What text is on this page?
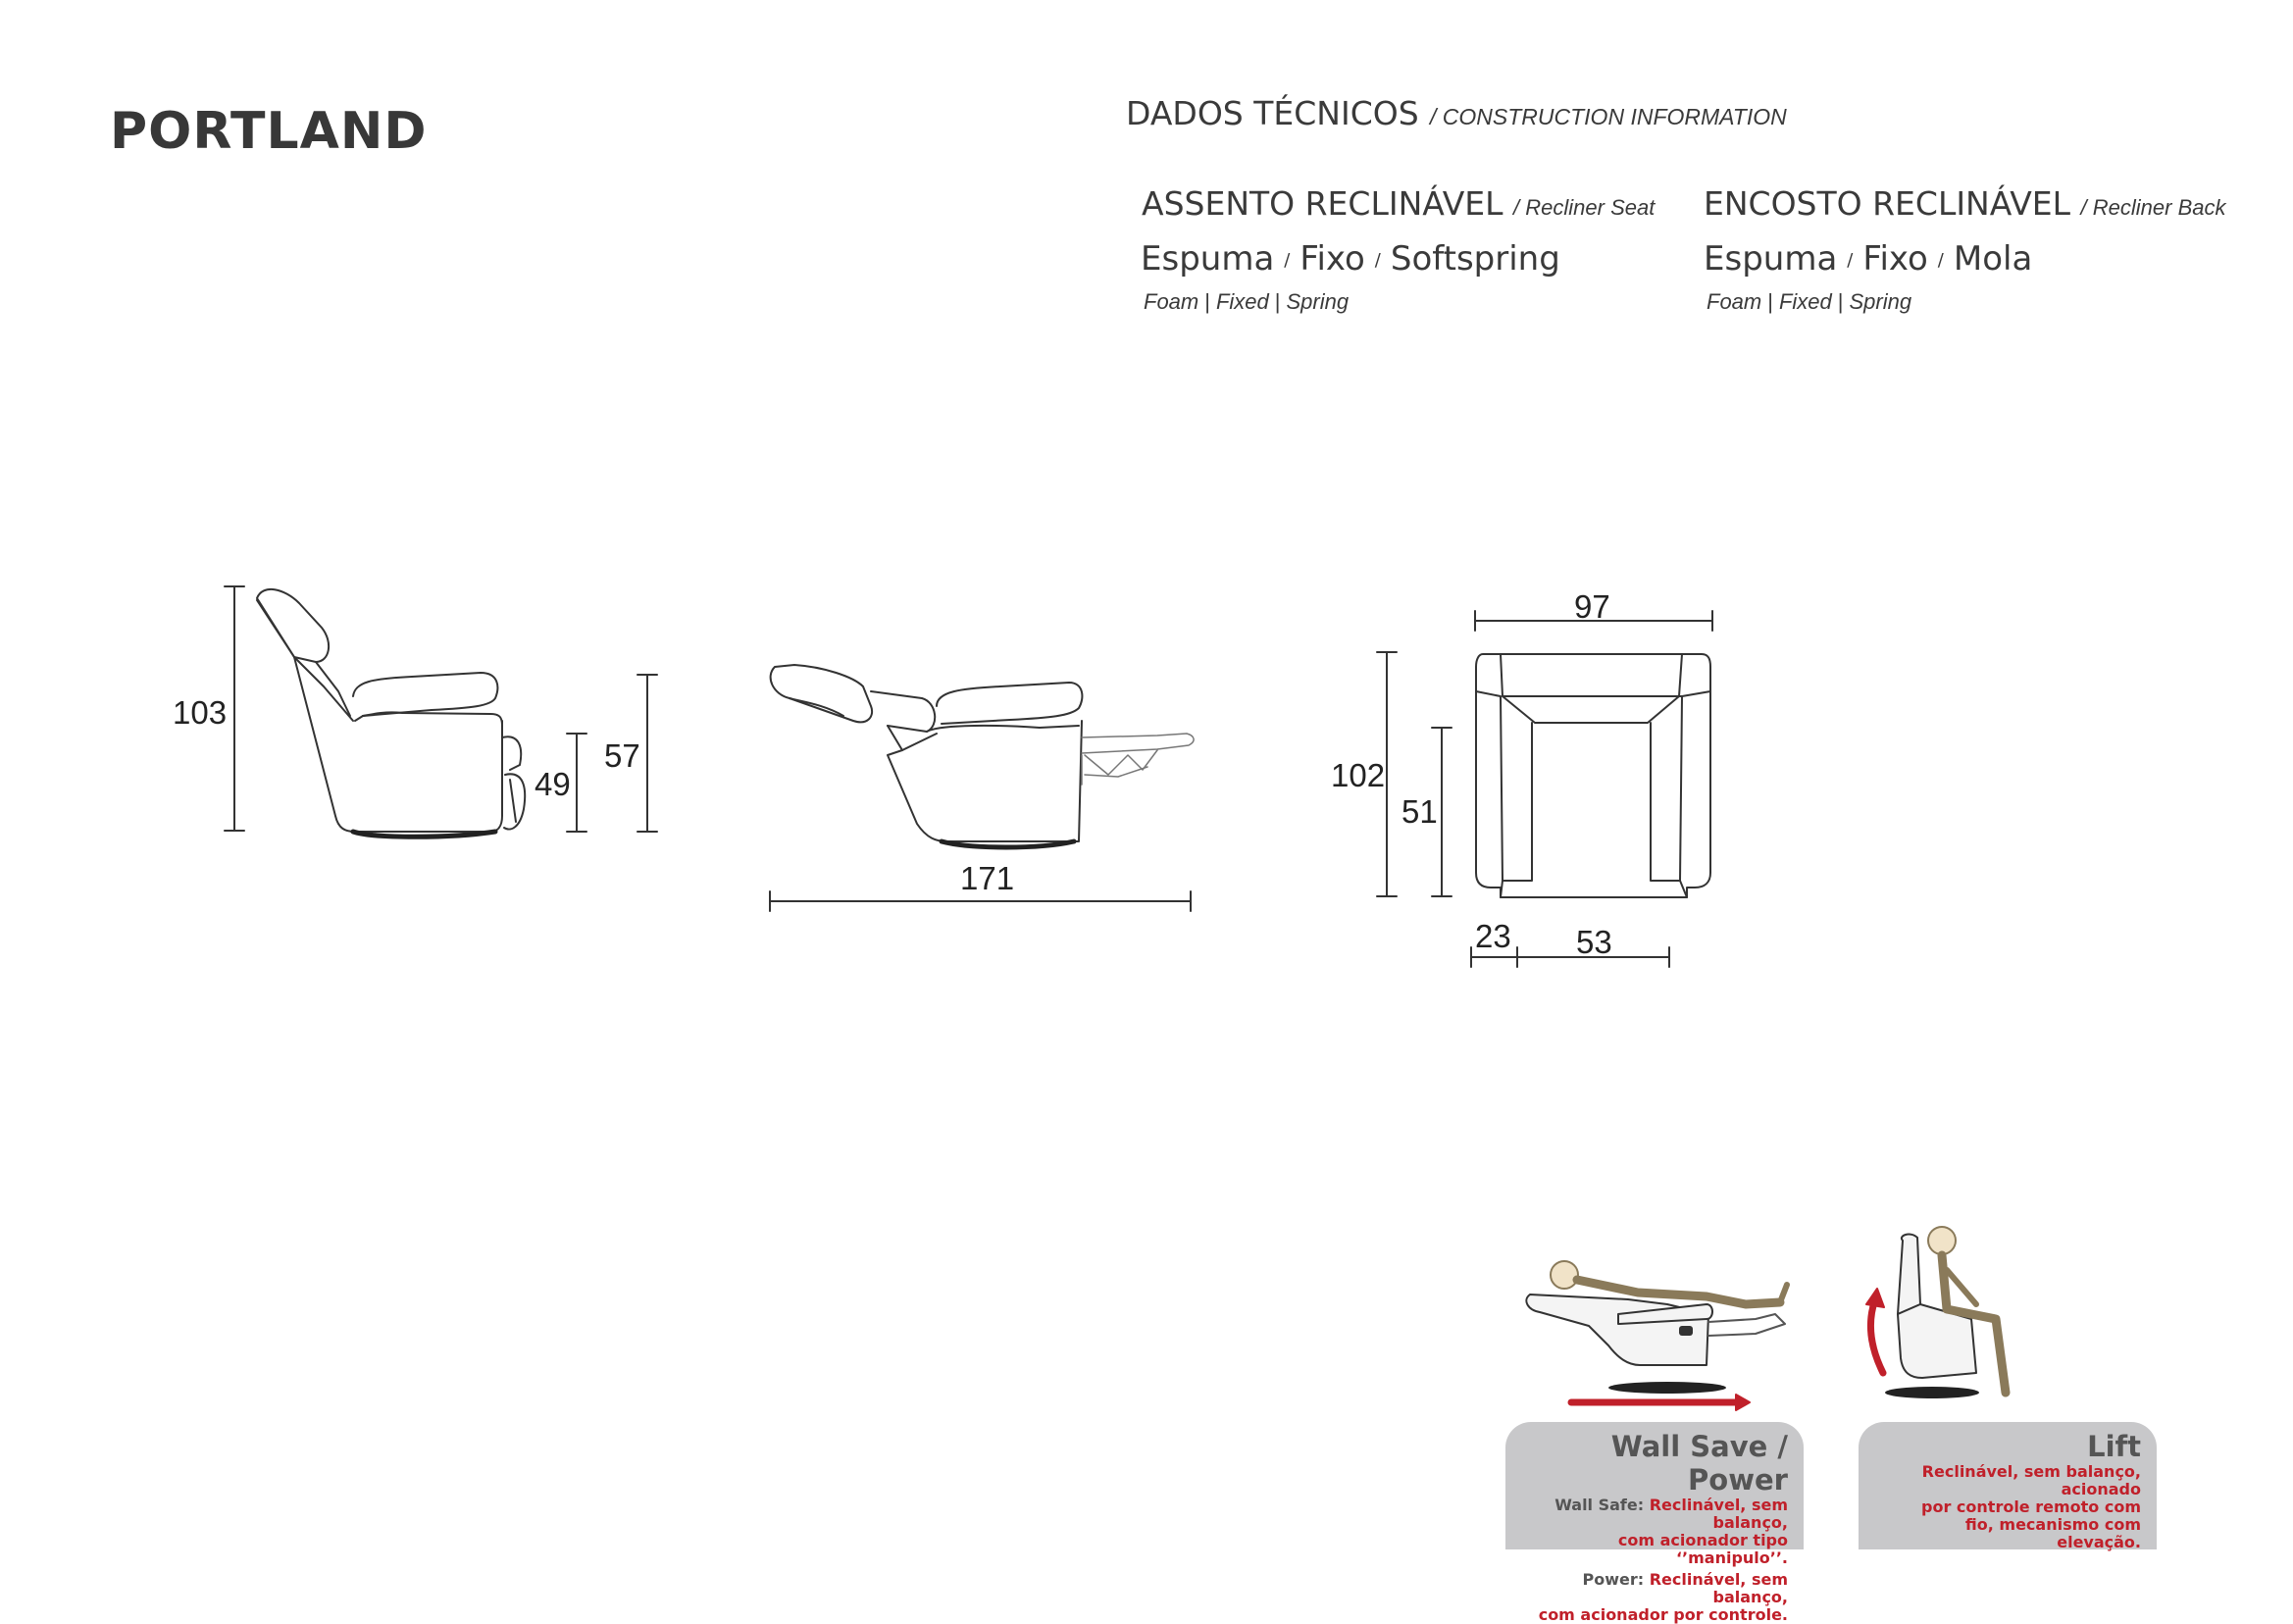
PORTLAND	DADOS TÉCNICOS / CONSTRUCTION INFORMATION
ASSENTO RECLINÁVEL / Recliner Seat
Espuma / Fixo / Softspring
Foam | Fixed | Spring
ENCOSTO RECLINÁVEL / Recliner Back
Espuma / Fixo / Mola
Foam | Fixed | Spring
103
49
57
171
97
102
51
23 53
Wall Save / Power
Wall Safe: Reclinável, sem balanço,
com acionador tipo ‘’manipulo’’.
Power: Reclinável, sem balanço,
com acionador por controle.
Lift
Reclinável, sem balanço, acionado
por controle remoto com
fio, mecanismo com
elevação.
